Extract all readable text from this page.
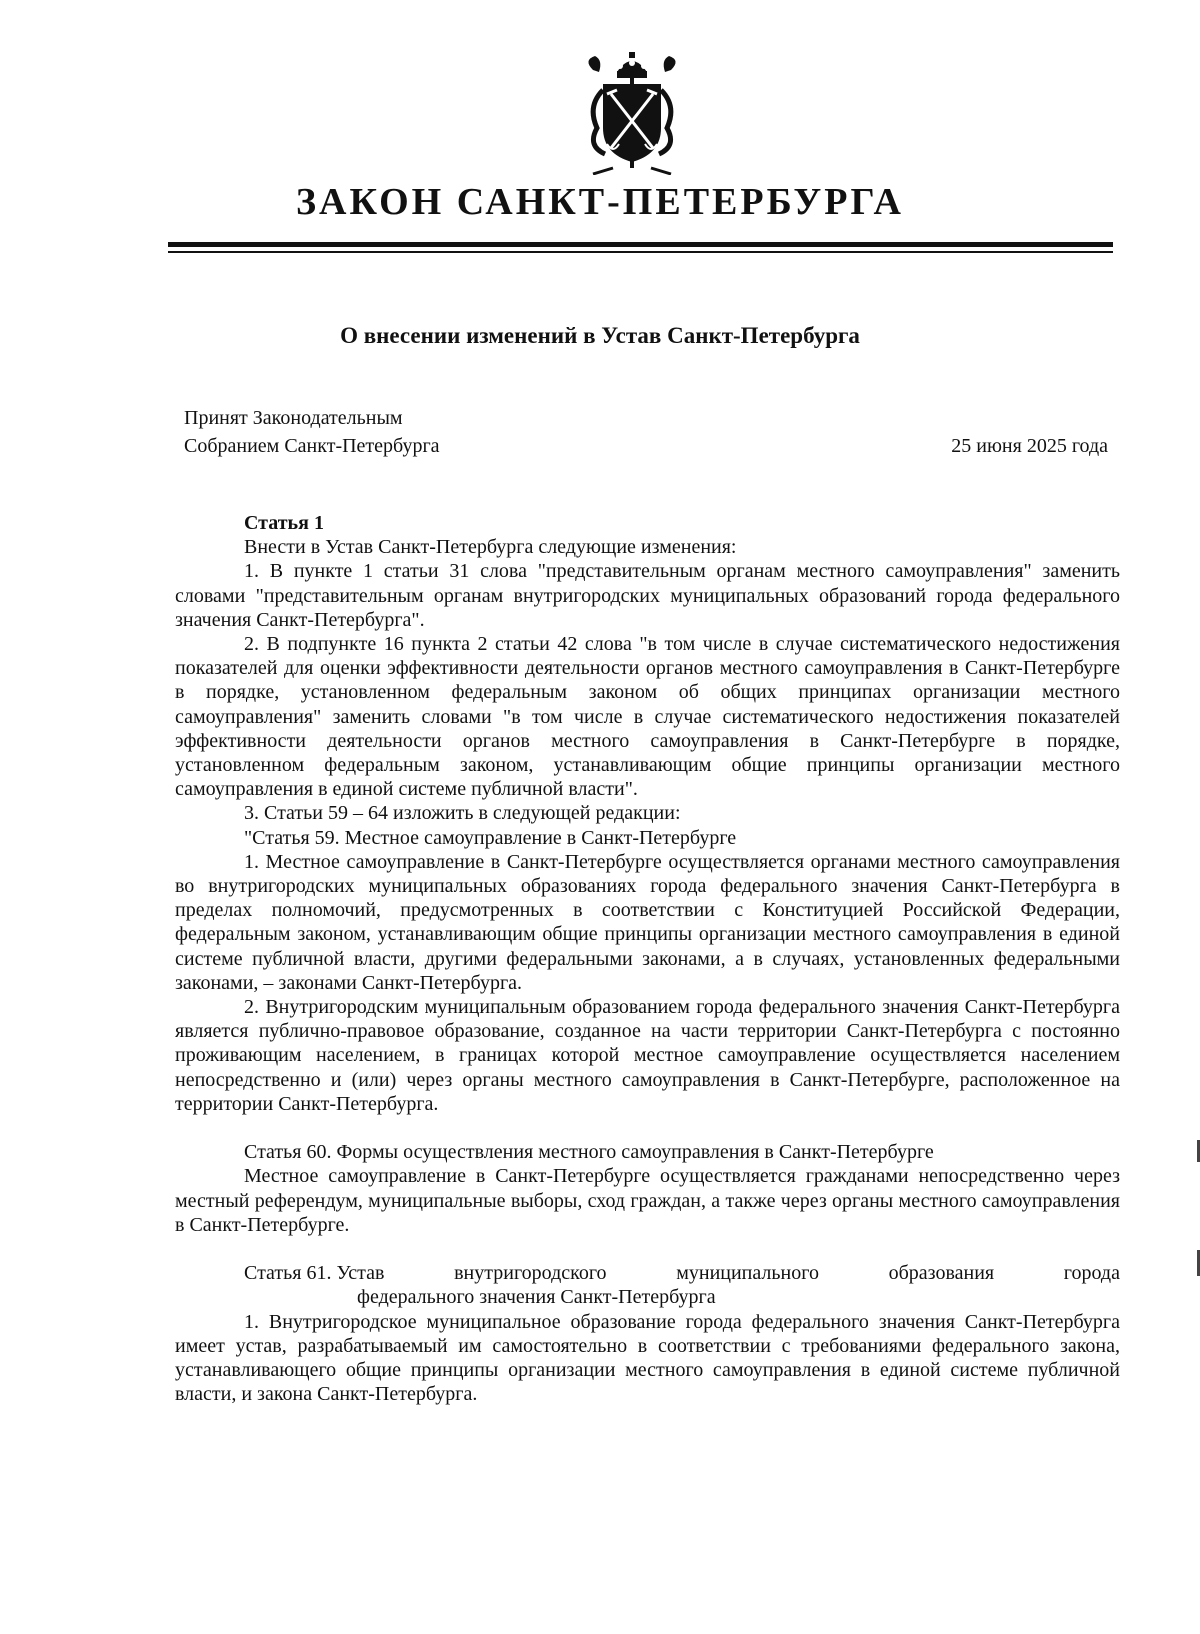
ЗАКОН САНКТ-ПЕТЕРБУРГА
О внесении изменений в Устав Санкт-Петербурга
Принят Законодательным
Собранием Санкт-Петербурга	25 июня 2025 года

Статья 1

Внести в Устав Санкт-Петербурга следующие изменения:

1. В пункте 1 статьи 31 слова "представительным органам местного самоуправления" заменить словами "представительным органам внутригородских муниципальных образований города федерального значения Санкт-Петербурга".

2. В подпункте 16 пункта 2 статьи 42 слова "в том числе в случае систематического недостижения показателей для оценки эффективности деятельности органов местного самоуправления в Санкт-Петербурге в порядке, установленном федеральным законом об общих принципах организации местного самоуправления" заменить словами "в том числе в случае систематического недостижения показателей эффективности деятельности органов местного самоуправления в Санкт-Петербурге в порядке, установленном федеральным законом, устанавливающим общие принципы организации местного самоуправления в единой системе публичной власти".

3. Статьи 59 – 64 изложить в следующей редакции:

"Статья 59. Местное самоуправление в Санкт-Петербурге

1. Местное самоуправление в Санкт-Петербурге осуществляется органами местного самоуправления во внутригородских муниципальных образованиях города федерального значения Санкт-Петербурга в пределах полномочий, предусмотренных в соответствии с Конституцией Российской Федерации, федеральным законом, устанавливающим общие принципы организации местного самоуправления в единой системе публичной власти, другими федеральными законами, а в случаях, установленных федеральными законами, – законами Санкт-Петербурга.

2. Внутригородским муниципальным образованием города федерального значения Санкт-Петербурга является публично-правовое образование, созданное на части территории Санкт-Петербурга с постоянно проживающим населением, в границах которой местное самоуправление осуществляется населением непосредственно и (или) через органы местного самоуправления в Санкт-Петербурге, расположенное на территории Санкт-Петербурга.

Статья 60. Формы осуществления местного самоуправления в Санкт-Петербурге

Местное самоуправление в Санкт-Петербурге осуществляется гражданами непосредственно через местный референдум, муниципальные выборы, сход граждан, а также через органы местного самоуправления в Санкт-Петербурге.

Статья 61. Устав	внутригородского	муниципального	образования	города

федерального значения Санкт-Петербурга

1. Внутригородское муниципальное образование города федерального значения Санкт-Петербурга имеет устав, разрабатываемый им самостоятельно в соответствии с требованиями федерального закона, устанавливающего общие принципы организации местного самоуправления в единой системе публичной власти, и закона Санкт-Петербурга.
